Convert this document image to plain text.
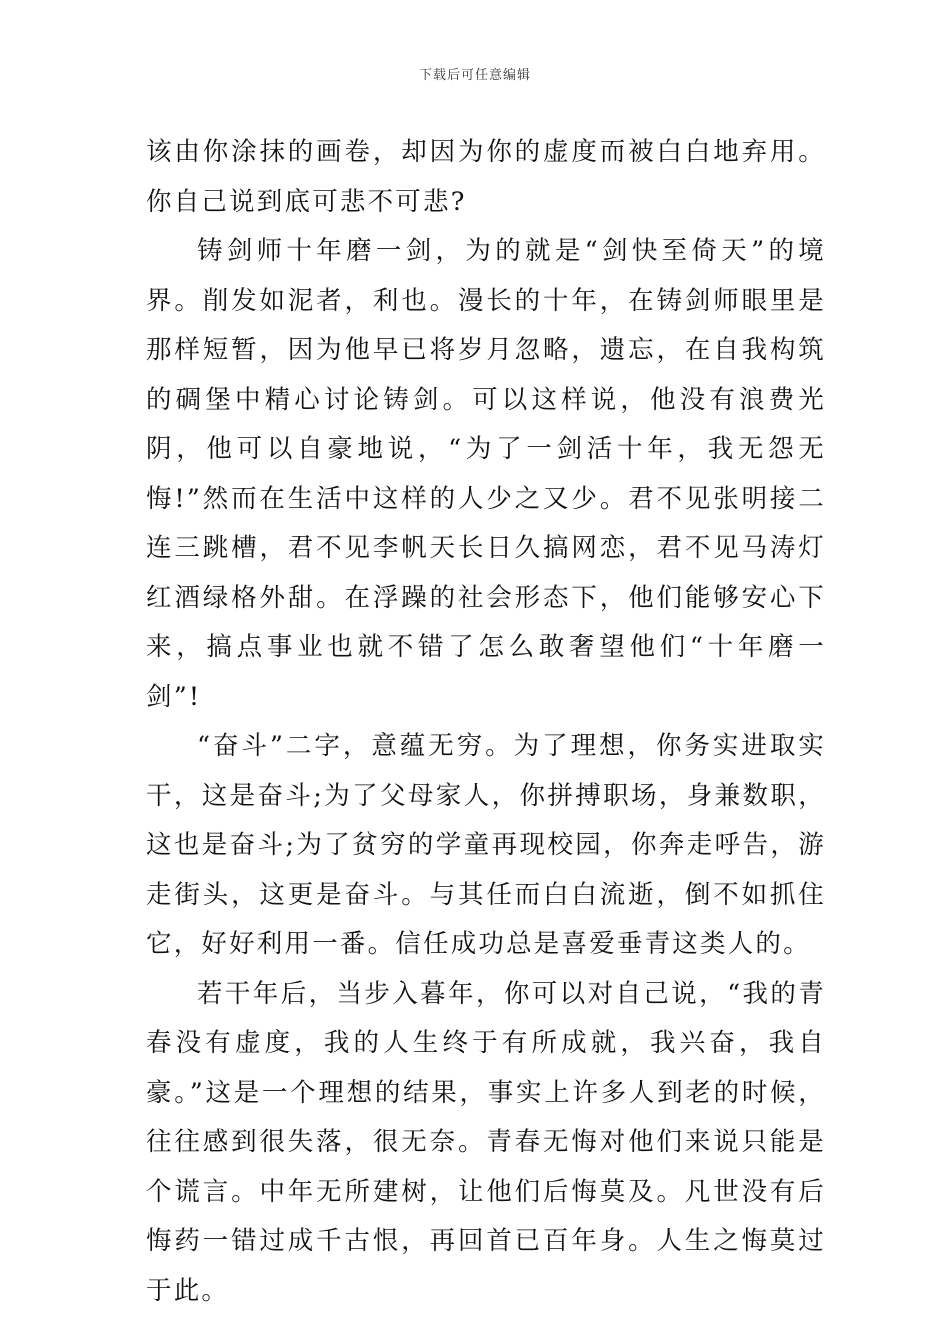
下载后可任意编辑

该由你涂抹的画卷，却因为你的虚度而被白白地弃用。你自己说到底可悲不可悲?

铸剑师十年磨一剑，为的就是“剑快至倚天”的境界。削发如泥者，利也。漫长的十年，在铸剑师眼里是那样短暂，因为他早已将岁月忽略，遗忘，在自我构筑的碉堡中精心讨论铸剑。可以这样说，他没有浪费光阴，他可以自豪地说，“为了一剑活十年，我无怨无悔!”然而在生活中这样的人少之又少。君不见张明接二连三跳槽，君不见李帆天长日久搞网恋，君不见马涛灯红酒绿格外甜。在浮躁的社会形态下，他们能够安心下来，搞点事业也就不错了怎么敢奢望他们“十年磨一剑”!

“奋斗”二字，意蕴无穷。为了理想，你务实进取实干，这是奋斗;为了父母家人，你拼搏职场，身兼数职，这也是奋斗;为了贫穷的学童再现校园，你奔走呼告，游走街头，这更是奋斗。与其任而白白流逝，倒不如抓住它，好好利用一番。信任成功总是喜爱垂青这类人的。

若干年后，当步入暮年，你可以对自己说，“我的青春没有虚度，我的人生终于有所成就，我兴奋，我自豪。”这是一个理想的结果，事实上许多人到老的时候，往往感到很失落，很无奈。青春无悔对他们来说只能是个谎言。中年无所建树，让他们后悔莫及。凡世没有后悔药一错过成千古恨，再回首已百年身。人生之悔莫过于此。
